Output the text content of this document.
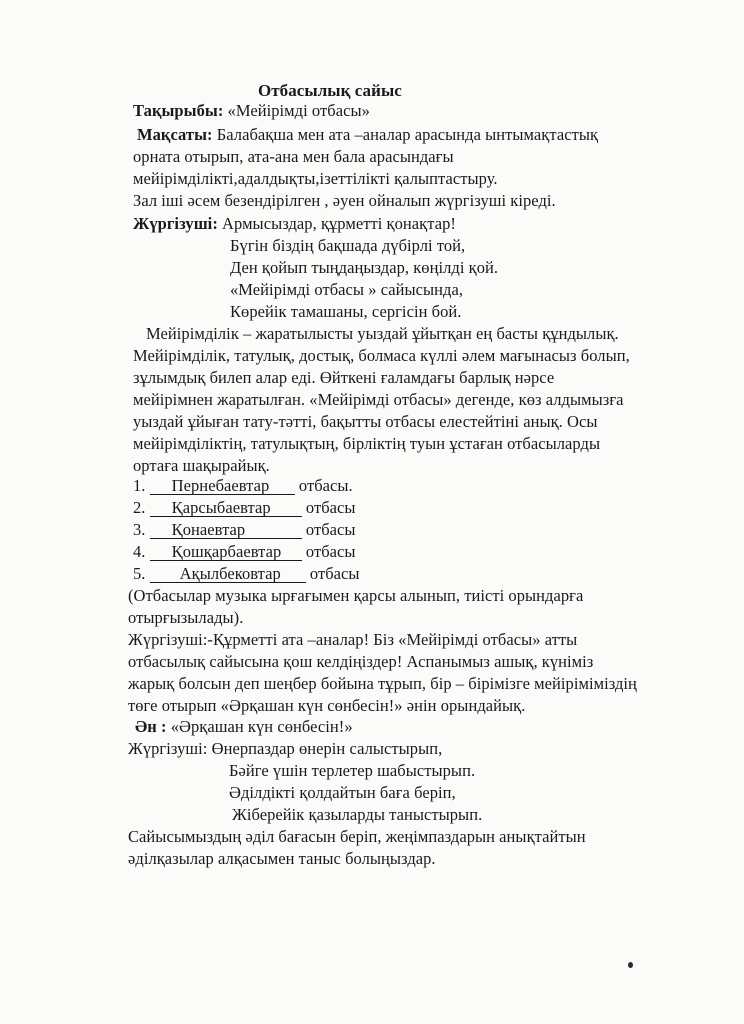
Отбасылық сайыс
Тақырыбы: «Мейірімді отбасы»
Мақсаты: Балабақша мен ата –аналар арасында ынтымақтастық
орната отырып, ата-ана мен бала арасындағы
мейірімділікті,адалдықты,ізеттілікті қалыптастыру.
Зал іші әсем безендірілген , әуен ойналып жүргізуші кіреді.
Жүргізуші: Армысыздар, құрметті қонақтар!
Бүгін біздің бақшада дүбірлі той,
Ден қойып тыңдаңыздар, көңілді қой.
«Мейірімді отбасы » сайысында,
Көрейік тамашаны, сергісін бой.
Мейірімділік – жаратылысты уыздай ұйытқан ең басты құндылық.
Мейірімділік, татулық, достық, болмаса күллі әлем мағынасыз болып,
зұлымдық билеп алар еді. Өйткені ғаламдағы барлық нәрсе
мейірімнен жаратылған. «Мейірімді отбасы» дегенде, көз алдымызға
уыздай ұйыған тату-тәтті, бақытты отбасы елестейтіні анық. Осы
мейірімділіктің, татулықтың, бірліктің туын ұстаған отбасыларды
ортаға шақырайық.
1. Пернебаевтар отбасы.
2. Қарсыбаевтар отбасы
3. Қонаевтар	отбасы
4. Қошқарбаевтар отбасы
5. Ақылбековтар отбасы
(Отбасылар музыка ырғағымен қарсы алынып, тиісті орындарға
отырғызылады).
Жүргізуші:-Құрметті ата –аналар! Біз «Мейірімді отбасы» атты
отбасылық сайысына қош келдіңіздер! Аспанымыз ашық, күніміз
жарық болсын деп шеңбер бойына тұрып, бір – бірімізге мейіріміміздің
төге отырып «Әрқашан күн сөнбесін!» әнін орындайық.
Ән : «Әрқашан күн сөнбесін!»
Жүргізуші: Өнерпаздар өнерін салыстырып,
Бәйге үшін терлетер шабыстырып.
Әділдікті қолдайтын баға беріп,
Жіберейік қазыларды таныстырып.
Сайысымыздың әділ бағасын беріп, жеңімпаздарын анықтайтын
әділқазылар алқасымен таныс болыңыздар.
